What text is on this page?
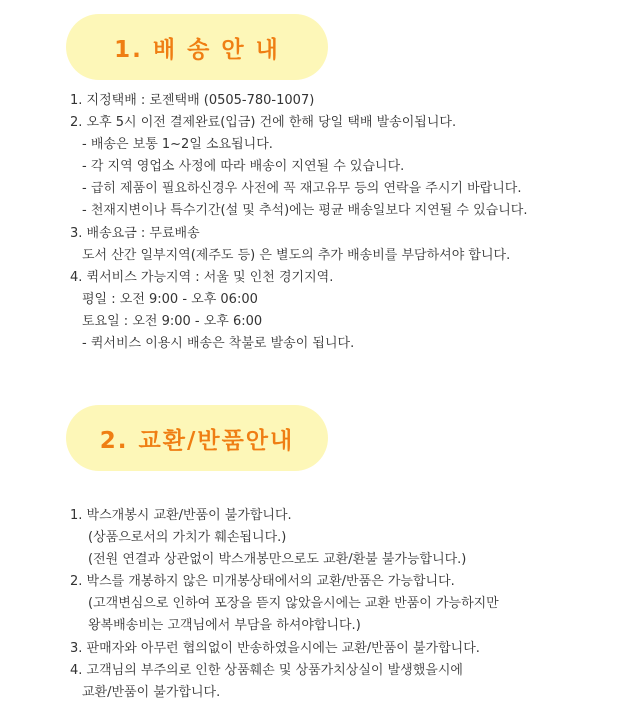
1. 배 송 안 내
1. 지정택배 : 로젠택배 (0505-780-1007)
2. 오후 5시 이전 결제완료(입금) 건에 한해 당일 택배 발송이됩니다.
- 배송은 보통 1~2일 소요됩니다.
- 각 지역 영업소 사정에 따라 배송이 지연될 수 있습니다.
- 급히 제품이 필요하신경우 사전에 꼭 재고유무 등의 연락을 주시기 바랍니다.
- 천재지변이나 특수기간(설 및 추석)에는 평균 배송일보다 지연될 수 있습니다.
3. 배송요금 : 무료배송
도서 산간 일부지역(제주도 등) 은 별도의 추가 배송비를 부담하셔야 합니다.
4. 퀵서비스 가능지역 : 서울 및 인천 경기지역.
평일 : 오전 9:00 - 오후 06:00
토요일 : 오전 9:00 - 오후 6:00
- 퀵서비스 이용시 배송은 착불로 발송이 됩니다.
2. 교환/반품안내
1. 박스개봉시 교환/반품이 불가합니다.
(상품으로서의 가치가 훼손됩니다.)
(전원 연결과 상관없이 박스개봉만으로도 교환/환불 불가능합니다.)
2. 박스를 개봉하지 않은 미개봉상태에서의 교환/반품은 가능합니다.
(고객변심으로 인하여 포장을 뜯지 않았을시에는 교환 반품이 가능하지만
왕복배송비는 고객님에서 부담을 하셔야합니다.)
3. 판매자와 아무런 협의없이 반송하였을시에는 교환/반품이 불가합니다.
4. 고객님의 부주의로 인한 상품훼손 및 상품가치상실이 발생했을시에
교환/반품이 불가합니다.
